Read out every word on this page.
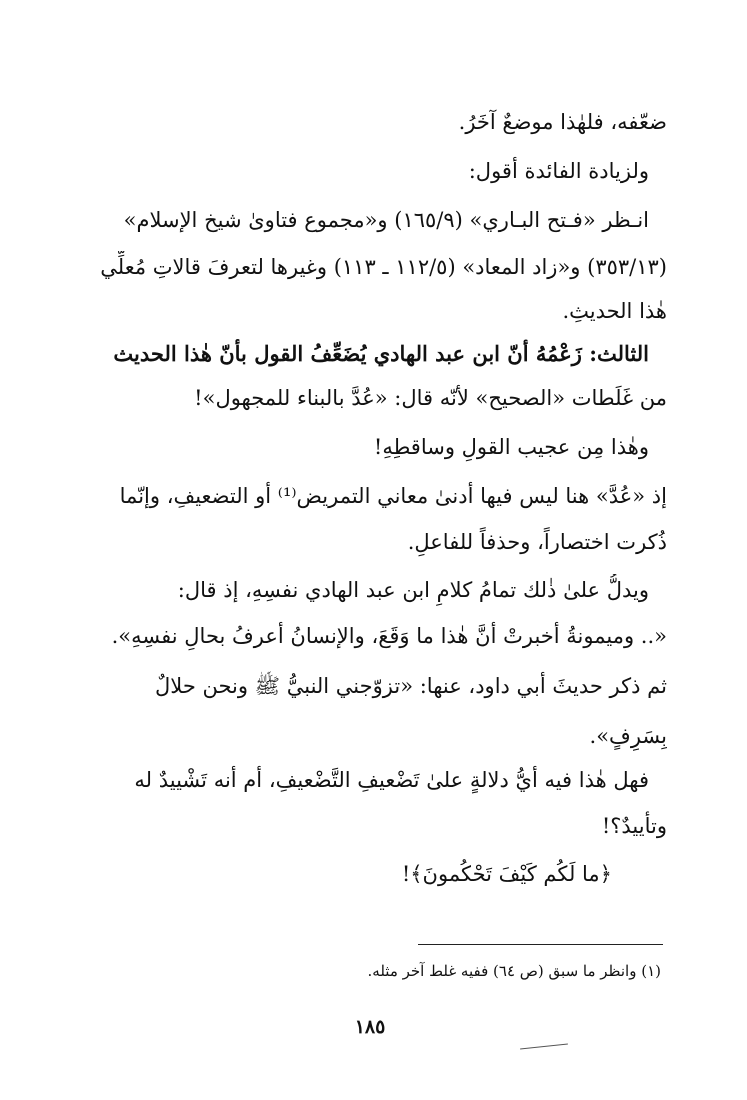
ضعّفه، فلهٰذا موضعٌ آخَرُ.
ولزيادة الفائدة أقول:
انـظر «فـتح البـاري» (١٦٥/٩) و«مجموع فتاوىٰ شيخ الإسلام»
(٣٥٣/١٣) و«زاد المعاد» (١١٢/٥ ـ ١١٣) وغيرها لتعرفَ قالاتِ مُعلِّي
هٰذا الحديثِ.
الثالث: زَعْمُهُ أنّ ابن عبد الهادي يُضَعِّفُ القول بأنّ هٰذا الحديث
من غَلَطات «الصحيح» لأنّه قال: «عُدَّ بالبناء للمجهول»!
وهٰذا مِن عجيب القولِ وساقطِهِ!
إذ «عُدَّ» هنا ليس فيها أدنىٰ معاني التمريض⁽¹⁾ أو التضعيفِ، وإنّما
ذُكرت اختصاراً، وحذفاً للفاعلِ.
ويدلُّ علىٰ ذٰلك تمامُ كلامِ ابن عبد الهادي نفسِهِ، إذ قال:
«.. وميمونةُ أخبرتْ أنَّ هٰذا ما وَقَعَ، والإنسانُ أعرفُ بحالِ نفسِهِ».
ثم ذكر حديثَ أبي داود، عنها: «تزوّجني النبيُّ ﷺ ونحن حلالٌ
بِسَرِفٍ».
فهل هٰذا فيه أيُّ دلالةٍ علىٰ تَضْعيفِ التَّضْعيفِ، أم أنه تَشْييدٌ له
وتأييدٌ؟!
﴿ما لَكُم كَيْفَ تَحْكُمونَ﴾!
(١) وانظر ما سبق (ص ٦٤) ففيه غلط آخر مثله.
١٨٥
